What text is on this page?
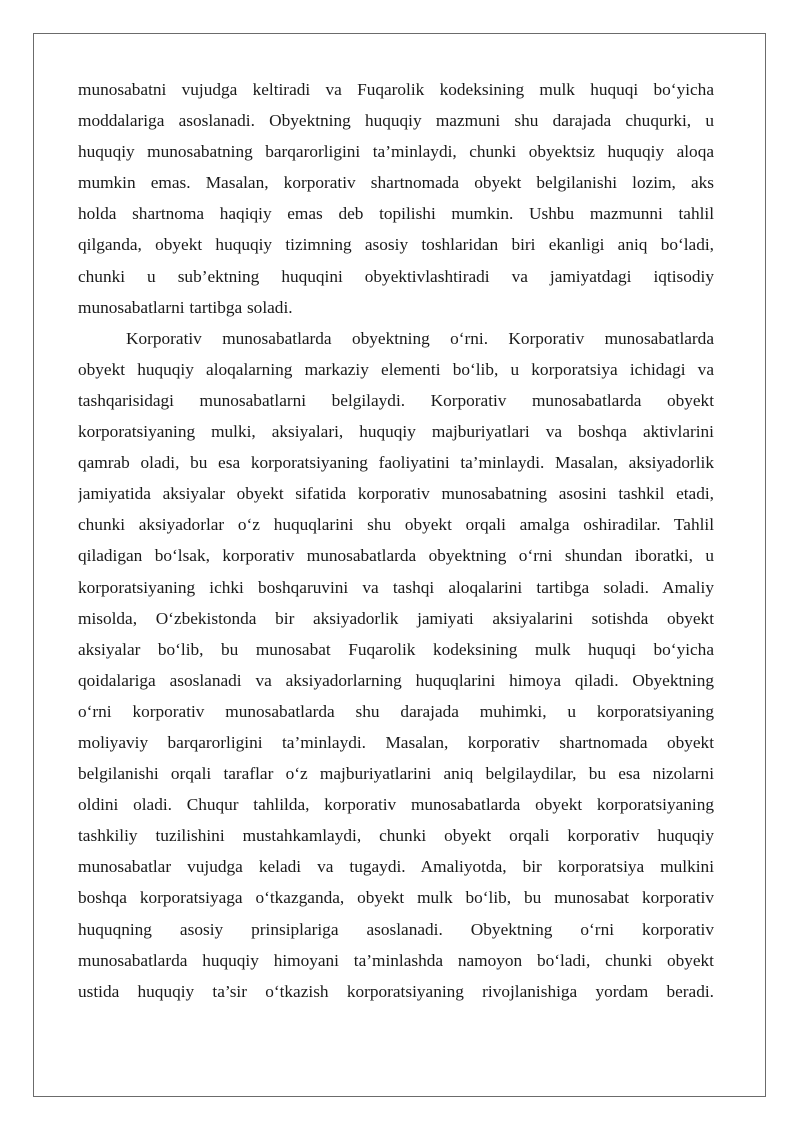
munosabatni vujudga keltiradi va Fuqarolik kodeksining mulk huquqi bo‘yicha
moddalariga asoslanadi. Obyektning huquqiy mazmuni shu darajada chuqurki, u
huquqiy munosabatning barqarorligini ta’minlaydi, chunki obyektsiz huquqiy aloqa
mumkin emas. Masalan, korporativ shartnomada obyekt belgilanishi lozim, aks
holda shartnoma haqiqiy emas deb topilishi mumkin. Ushbu mazmunni tahlil
qilganda, obyekt huquqiy tizimning asosiy toshlaridan biri ekanligi aniq bo‘ladi,
chunki u sub’ektning huquqini obyektivlashtiradi va jamiyatdagi iqtisodiy
munosabatlarni tartibga soladi.

Korporativ munosabatlarda obyektning o‘rni. Korporativ munosabatlarda
obyekt huquqiy aloqalarning markaziy elementi bo‘lib, u korporatsiya ichidagi va
tashqarisidagi munosabatlarni belgilaydi. Korporativ munosabatlarda obyekt
korporatsiyaning mulki, aksiyalari, huquqiy majburiyatlari va boshqa aktivlarini
qamrab oladi, bu esa korporatsiyaning faoliyatini ta’minlaydi. Masalan, aksiyadorlik
jamiyatida aksiyalar obyekt sifatida korporativ munosabatning asosini tashkil etadi,
chunki aksiyadorlar o‘z huquqlarini shu obyekt orqali amalga oshiradilar. Tahlil
qiladigan bo‘lsak, korporativ munosabatlarda obyektning o‘rni shundan iboratki, u
korporatsiyaning ichki boshqaruvini va tashqi aloqalarini tartibga soladi. Amaliy
misolda, O‘zbekistonda bir aksiyadorlik jamiyati aksiyalarini sotishda obyekt
aksiyalar bo‘lib, bu munosabat Fuqarolik kodeksining mulk huquqi bo‘yicha
qoidalariga asoslanadi va aksiyadorlarning huquqlarini himoya qiladi. Obyektning
o‘rni korporativ munosabatlarda shu darajada muhimki, u korporatsiyaning
moliyaviy barqarorligini ta’minlaydi. Masalan, korporativ shartnomada obyekt
belgilanishi orqali taraflar o‘z majburiyatlarini aniq belgilaydilar, bu esa nizolarni
oldini oladi. Chuqur tahlilda, korporativ munosabatlarda obyekt korporatsiyaning
tashkiliy tuzilishini mustahkamlaydi, chunki obyekt orqali korporativ huquqiy
munosabatlar vujudga keladi va tugaydi. Amaliyotda, bir korporatsiya mulkini
boshqa korporatsiyaga o‘tkazganda, obyekt mulk bo‘lib, bu munosabat korporativ
huquqning asosiy prinsiplariga asoslanadi. Obyektning o‘rni korporativ
munosabatlarda huquqiy himoyani ta’minlashda namoyon bo‘ladi, chunki obyekt
ustida huquqiy ta’sir o‘tkazish korporatsiyaning rivojlanishiga yordam beradi.
